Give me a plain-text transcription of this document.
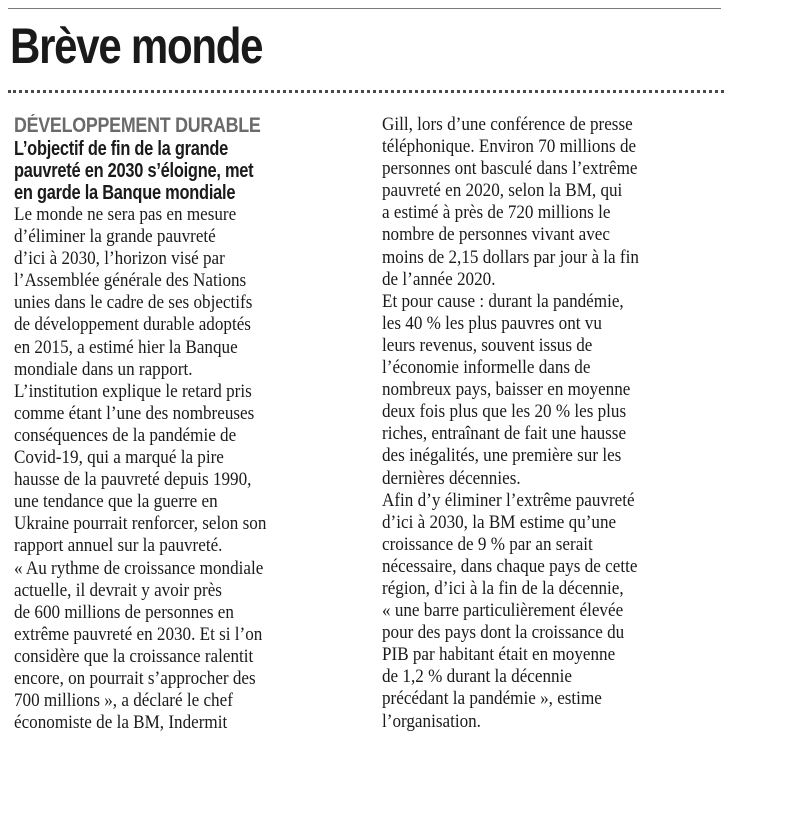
Brève monde
DÉVELOPPEMENT DURABLE
L’objectif de fin de la grande
pauvreté en 2030 s’éloigne, met
en garde la Banque mondiale
Le monde ne sera pas en mesure
d’éliminer la grande pauvreté
d’ici à 2030, l’horizon visé par
l’Assemblée générale des Nations
unies dans le cadre de ses objectifs
de développement durable adoptés
en 2015, a estimé hier la Banque
mondiale dans un rapport.
L’institution explique le retard pris
comme étant l’une des nombreuses
conséquences de la pandémie de
Covid-19, qui a marqué la pire
hausse de la pauvreté depuis 1990,
une tendance que la guerre en
Ukraine pourrait renforcer, selon son
rapport annuel sur la pauvreté.
« Au rythme de croissance mondiale
actuelle, il devrait y avoir près
de 600 millions de personnes en
extrême pauvreté en 2030. Et si l’on
considère que la croissance ralentit
encore, on pourrait s’approcher des
700 millions », a déclaré le chef
économiste de la BM, Indermit
Gill, lors d’une conférence de presse
téléphonique. Environ 70 millions de
personnes ont basculé dans l’extrême
pauvreté en 2020, selon la BM, qui
a estimé à près de 720 millions le
nombre de personnes vivant avec
moins de 2,15 dollars par jour à la fin
de l’année 2020.
Et pour cause : durant la pandémie,
les 40 % les plus pauvres ont vu
leurs revenus, souvent issus de
l’économie informelle dans de
nombreux pays, baisser en moyenne
deux fois plus que les 20 % les plus
riches, entraînant de fait une hausse
des inégalités, une première sur les
dernières décennies.
Afin d’y éliminer l’extrême pauvreté
d’ici à 2030, la BM estime qu’une
croissance de 9 % par an serait
nécessaire, dans chaque pays de cette
région, d’ici à la fin de la décennie,
« une barre particulièrement élevée
pour des pays dont la croissance du
PIB par habitant était en moyenne
de 1,2 % durant la décennie
précédant la pandémie », estime
l’organisation.
